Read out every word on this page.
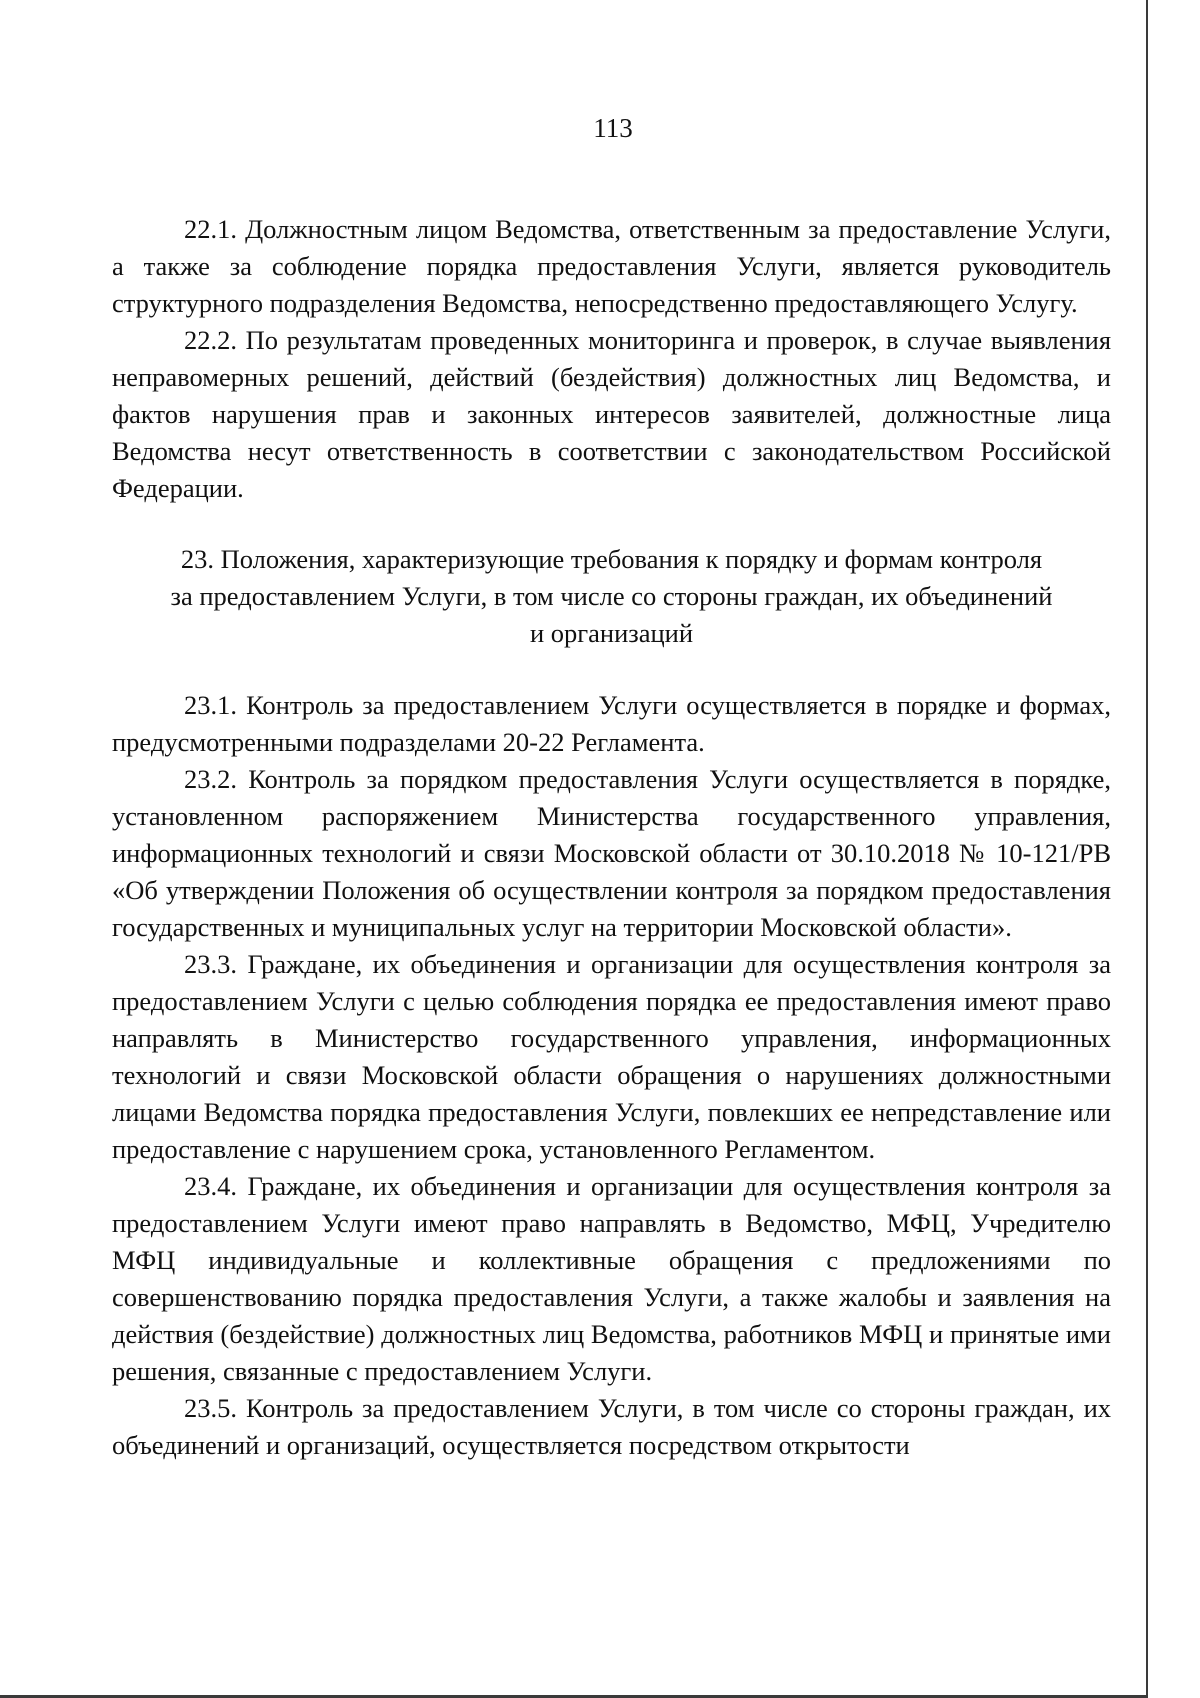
113

22.1. Должностным лицом Ведомства, ответственным за предоставление Услуги, а также за соблюдение порядка предоставления Услуги, является руководитель структурного подразделения Ведомства, непосредственно предоставляющего Услугу.

22.2. По результатам проведенных мониторинга и проверок, в случае выявления неправомерных решений, действий (бездействия) должностных лиц Ведомства, и фактов нарушения прав и законных интересов заявителей, должностные лица Ведомства несут ответственность в соответствии с законодательством Российской Федерации.

23. Положения, характеризующие требования к порядку и формам контроля
за предоставлением Услуги, в том числе со стороны граждан, их объединений
и организаций

23.1. Контроль за предоставлением Услуги осуществляется в порядке и формах, предусмотренными подразделами 20-22 Регламента.

23.2. Контроль за порядком предоставления Услуги осуществляется в порядке, установленном распоряжением Министерства государственного управления, информационных технологий и связи Московской области от 30.10.2018 № 10-121/РВ «Об утверждении Положения об осуществлении контроля за порядком предоставления государственных и муниципальных услуг на территории Московской области».

23.3. Граждане, их объединения и организации для осуществления контроля за предоставлением Услуги с целью соблюдения порядка ее предоставления имеют право направлять в Министерство государственного управления, информационных технологий и связи Московской области обращения о нарушениях должностными лицами Ведомства порядка предоставления Услуги, повлекших ее непредставление или предоставление с нарушением срока, установленного Регламентом.

23.4. Граждане, их объединения и организации для осуществления контроля за предоставлением Услуги имеют право направлять в Ведомство, МФЦ, Учредителю МФЦ индивидуальные и коллективные обращения с предложениями по совершенствованию порядка предоставления Услуги, а также жалобы и заявления на действия (бездействие) должностных лиц Ведомства, работников МФЦ и принятые ими решения, связанные с предоставлением Услуги.

23.5. Контроль за предоставлением Услуги, в том числе со стороны граждан, их объединений и организаций, осуществляется посредством открытости
